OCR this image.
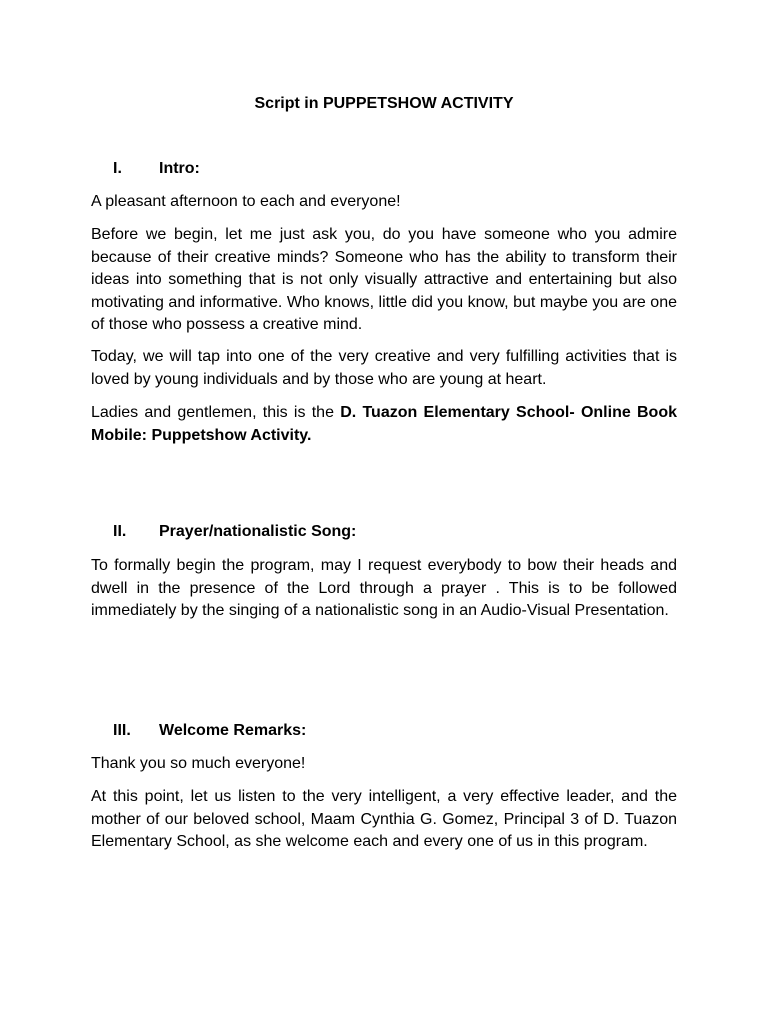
Script in PUPPETSHOW ACTIVITY

I.	Intro:

A pleasant afternoon to each and everyone!

Before we begin, let me just ask you, do you have someone who you admire because of their creative minds? Someone who has the ability to transform their ideas into something that is not only visually attractive and entertaining but also motivating and informative. Who knows, little did you know, but maybe you are one of those who possess a creative mind.

Today, we will tap into one of the very creative and very fulfilling activities that is loved by young individuals and by those who are young at heart.

Ladies and gentlemen, this is the D. Tuazon Elementary School- Online Book Mobile: Puppetshow Activity.

II.	Prayer/nationalistic Song:

To formally begin the program, may I request everybody to bow their heads and dwell in the presence of the Lord through a prayer . This is to be followed immediately by the singing of a nationalistic song in an Audio-Visual Presentation.

III.	Welcome Remarks:

Thank you so much everyone!

At this point, let us listen to the very intelligent, a very effective leader, and the mother of our beloved school, Maam Cynthia G. Gomez, Principal 3 of D. Tuazon Elementary School, as she welcome each and every one of us in this program.
